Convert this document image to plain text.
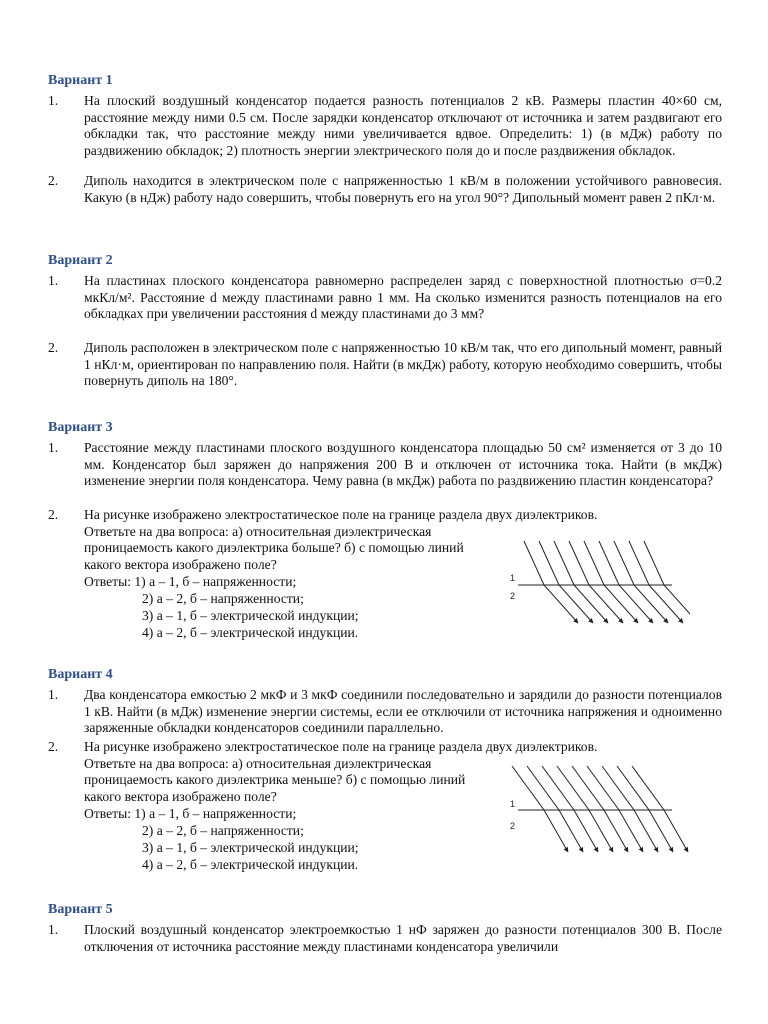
Вариант 1
1. На плоский воздушный конденсатор подается разность потенциалов 2 кВ. Размеры пластин 40×60 см, расстояние между ними 0.5 см. После зарядки конденсатор отключают от источника и затем раздвигают его обкладки так, что расстояние между ними увеличивается вдвое. Определить: 1) (в мДж) работу по раздвижению обкладок; 2) плотность энергии электрического поля до и после раздвижения обкладок.
2. Диполь находится в электрическом поле с напряженностью 1 кВ/м в положении устойчивого равновесия. Какую (в нДж) работу надо совершить, чтобы повернуть его на угол 90°? Дипольный момент равен 2 пКл·м.
Вариант 2
1. На пластинах плоского конденсатора равномерно распределен заряд с поверхностной плотностью σ=0.2 мкКл/м². Расстояние d между пластинами равно 1 мм. На сколько изменится разность потенциалов на его обкладках при увеличении расстояния d между пластинами до 3 мм?
2. Диполь расположен в электрическом поле с напряженностью 10 кВ/м так, что его дипольный момент, равный 1 нКл·м, ориентирован по направлению поля. Найти (в мкДж) работу, которую необходимо совершить, чтобы повернуть диполь на 180°.
Вариант 3
1. Расстояние между пластинами плоского воздушного конденсатора площадью 50 см² изменяется от 3 до 10 мм. Конденсатор был заряжен до напряжения 200 В и отключен от источника тока. Найти (в мкДж) изменение энергии поля конденсатора. Чему равна (в мкДж) работа по раздвижению пластин конденсатора?
2. На рисунке изображено электростатическое поле на границе раздела двух диэлектриков.
Ответьте на два вопроса: а) относительная диэлектрическая проницаемость какого диэлектрика больше? б) с помощью линий какого вектора изображено поле?
Ответы: 1) а – 1, б – напряженности;
2) а – 2, б – напряженности;
3) а – 1, б – электрической индукции;
4) а – 2, б – электрической индукции.
1
2
Вариант 4
1. Два конденсатора емкостью 2 мкФ и 3 мкФ соединили последовательно и зарядили до разности потенциалов 1 кВ. Найти (в мДж) изменение энергии системы, если ее отключили от источника напряжения и одноименно заряженные обкладки конденсаторов соединили параллельно.
2. На рисунке изображено электростатическое поле на границе раздела двух диэлектриков.
Ответьте на два вопроса: а) относительная диэлектрическая проницаемость какого диэлектрика меньше? б) с помощью линий какого вектора изображено поле?
Ответы: 1) а – 1, б – напряженности;
2) а – 2, б – напряженности;
3) а – 1, б – электрической индукции;
4) а – 2, б – электрической индукции.
1
2
Вариант 5
1. Плоский воздушный конденсатор электроемкостью 1 нФ заряжен до разности потенциалов 300 В. После отключения от источника расстояние между пластинами конденсатора увеличили
